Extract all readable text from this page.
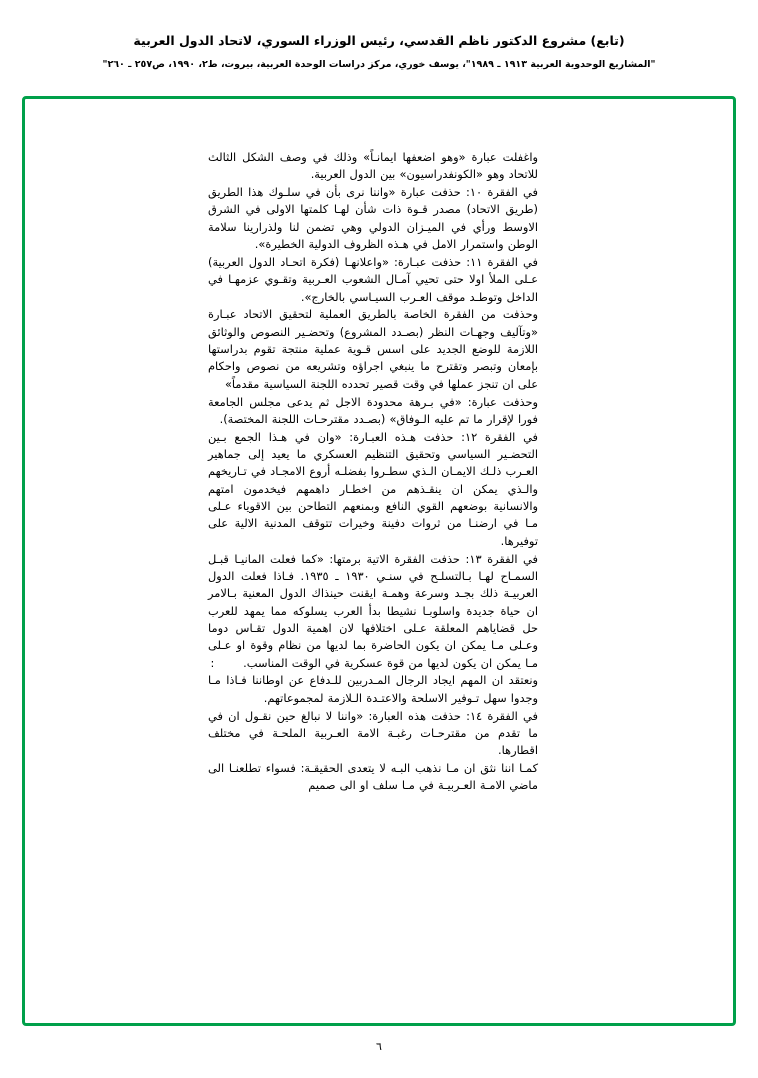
(تابع) مشروع الدكتور ناظم القدسي، رئيس الوزراء السوري، لاتحاد الدول العربية
"المشاريع الوحدوية العربية ١٩١٣ ـ ١٩٨٩"، يوسف خوري، مركز دراسات الوحدة العربية، بيروت، ط٢، ١٩٩٠، ص٢٥٧ ـ ٢٦٠"

واغفلت عبارة «وهو اضعفها ايمانـاً» وذلك في وصف الشكل الثالث للاتحاد وهو «الكونفدراسيون» بين الدول العربية.

في الفقرة ١٠: حذفت عبارة «واننا نرى بأن في سلـوك هذا الطريق (طريق الاتحاد) مصدر قـوة ذات شأن لهـا كلمتها الاولى في الشرق الاوسط ورأي في الميـزان الدولي وهي تضمن لنا ولذرارينا سلامة الوطن واستمرار الامل في هـذه الظروف الدولية الخطيرة».

في الفقرة ١١: حذفت عبـارة: «واعلانهـا (فكرة اتحـاد الدول العربية) عـلى الملأ اولا حتى تحيي آمـال الشعوب العـربية وتقـوي عزمهـا في الداخل وتوطـد موقف العـرب السيـاسي بالخارج».

وحذفت من الفقرة الخاصة بالطريق العملية لتحقيق الاتحاد عبـارة «وتآليف وجهـات النظر (بصـدد المشروع) وتحضـير النصوص والوثائق اللازمة للوضع الجديد على اسس قـوية عملية منتجة تقوم بدراستها بإمعان وتبصر وتقترح ما ينبغي اجراؤه وتشريعه من نصوص واحكام على ان تنجز عملها في وقت قصير تحدده اللجنة السياسية مقدماً»

وحذفت عبارة: «في بـرهة محدودة الاجل ثم يدعى مجلس الجامعة فورا لإقرار ما تم عليه الـوفاق» (بصـدد مقترحـات اللجنة المختصة).

في الفقرة ١٢: حذفت هـذه العبـارة: «وان في هـذا الجمع بـين التحضـير السياسي وتحقيق التنظيم العسكري ما يعيد إلى جماهير العـرب ذلـك الايمـان الـذي سطـروا بفضلـه أروع الامجـاد في تـاريخهم والـذي يمكن ان ينقـذهم من اخطـار داهمهم فيخدمون امتهم والانسانية بوضعهم القوي النافع وبمنعهم التطاحن بين الاقوياء عـلى مـا في ارضنـا من ثروات دفينة وخيرات تتوقف المدنية الالية على توفيرها.

في الفقرة ١٣: حذفت الفقرة الاتية برمتها: «كما فعلت المانيـا قبـل السمـاح لهـا بـالتسلـح في سنـي ١٩٣٠ ـ ١٩٣٥. فـاذا فعلت الدول العربيـة ذلك بجـد وسرعة وهمـة ايقنت حينذاك الدول المعنية بـالامر ان حياة جديدة واسلوبـا نشيطا بدأ العرب يسلوكه مما يمهد للعرب حل قضاياهم المعلقة عـلى اختلافها لان اهمية الدول تقـاس دوما وعـلى مـا يمكن ان يكون الحاضرة بما لديها من نظام وقوة او عـلى مـا يمكن ان يكون لديها من قوة عسكرية في الوقت المناسب.       :

ونعتقد ان المهم ايجاد الرجال المـدربين للـدفاع عن اوطاننا فـاذا مـا وجدوا سهل تـوفير الاسلحة والاعتـدة الـلازمة لمجموعاتهم.

في الفقرة ١٤: حذفت هذه العبارة: «واننا لا نبالغ حين نقـول ان في ما تقدم من مقترحـات رغبـة الامة العـربية الملحـة في مختلف اقطارها.

كمـا اننا نثق ان مـا نذهب البـه لا يتعدى الحقيقـة: فسواء تطلعنـا الى ماضي الامـة العـربيـة في مـا سلف او الى صميم

٦
